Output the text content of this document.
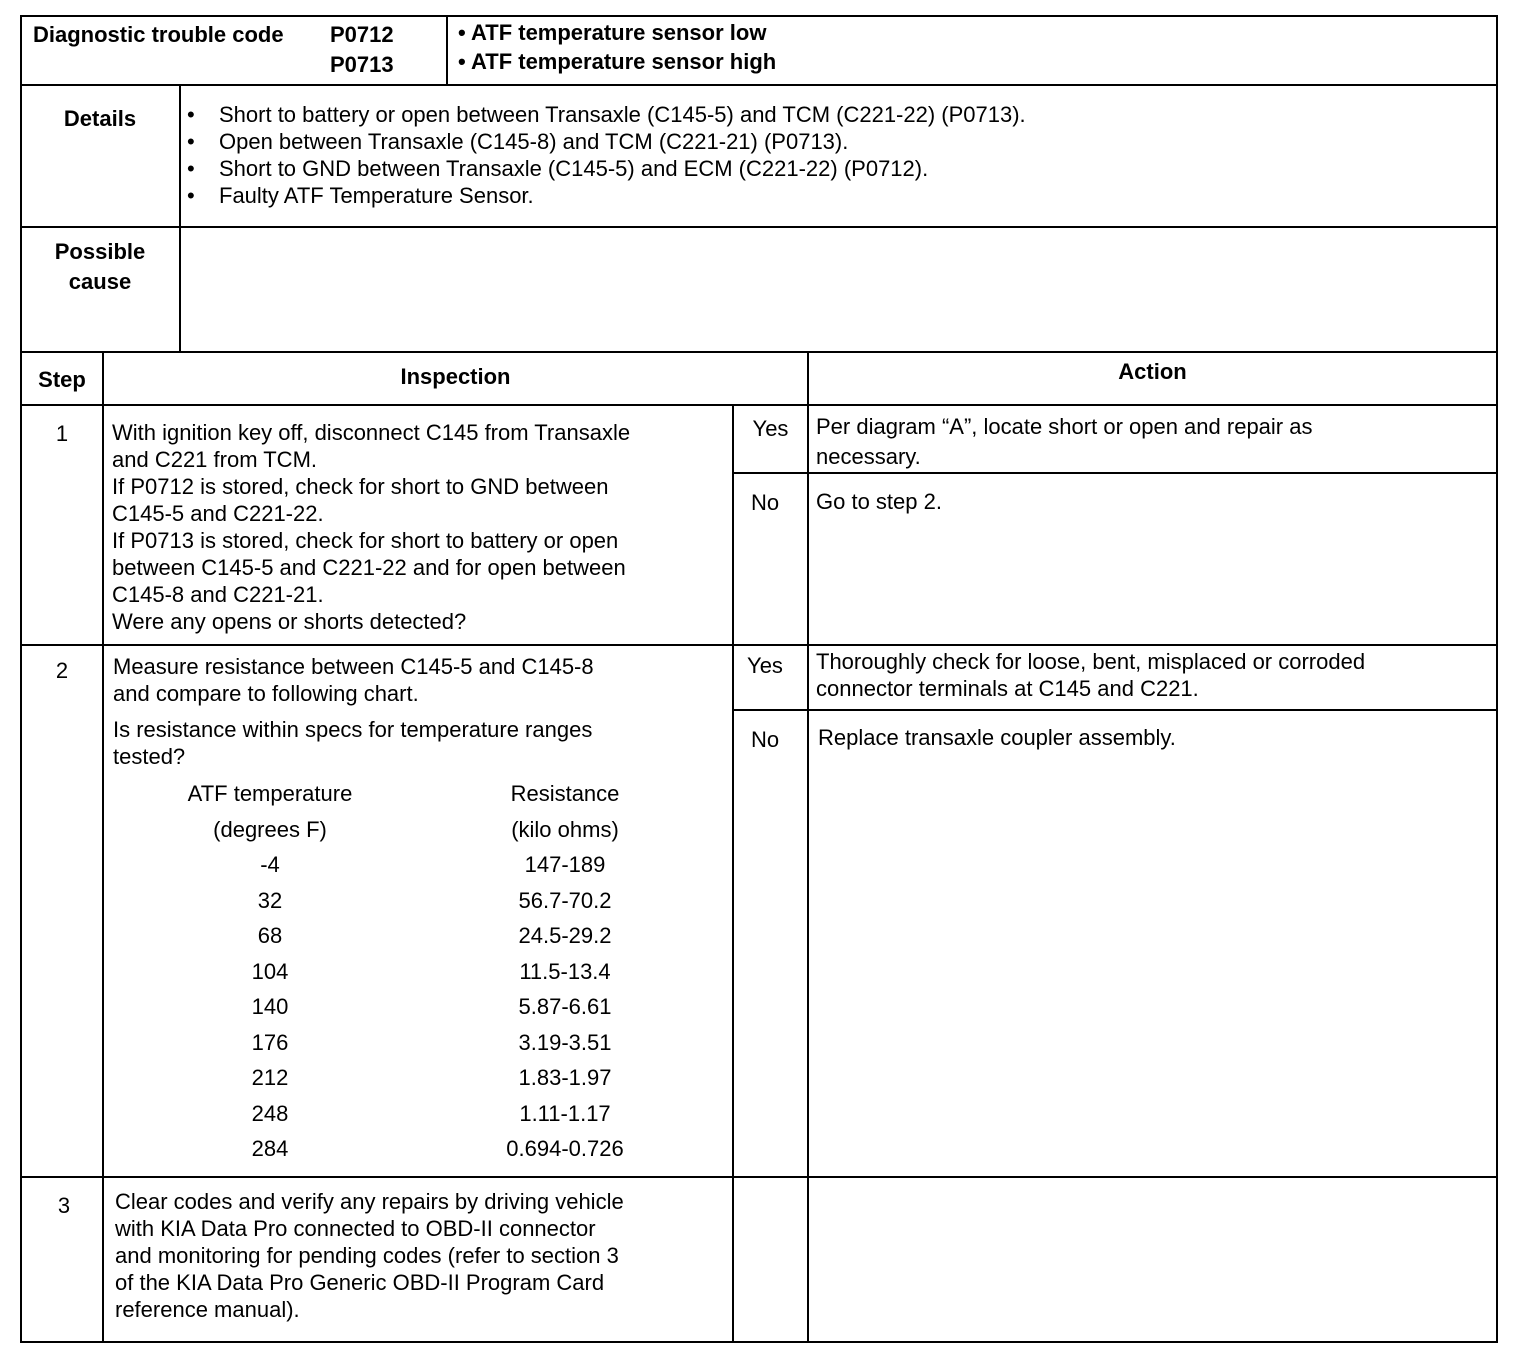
Diagnostic trouble code P0712
P0713
• ATF temperature sensor low
• ATF temperature sensor high
Details	• Short to battery or open between Transaxle (C145-5) and TCM (C221-22) (P0713).
• Open between Transaxle (C145-8) and TCM (C221-21) (P0713).
• Short to GND between Transaxle (C145-5) and ECM (C221-22) (P0712).
• Faulty ATF Temperature Sensor.
Possible
cause
Step	Inspection	Action
1	With ignition key off, disconnect C145 from Transaxle
and C221 from TCM.
If P0712 is stored, check for short to GND between
C145-5 and C221-22.
If P0713 is stored, check for short to battery or open
between C145-5 and C221-22 and for open between
C145-8 and C221-21.
Were any opens or shorts detected?
Yes	Per diagram “A”, locate short or open and repair as
necessary.
No	Go to step 2.
2	Measure resistance between C145-5 and C145-8
and compare to following chart.
Is resistance within specs for temperature ranges
tested?
ATF temperature	Resistance
(degrees F)	(kilo ohms)
-4	147-189
32	56.7-70.2
68	24.5-29.2
104	11.5-13.4
140	5.87-6.61
176	3.19-3.51
212	1.83-1.97
248	1.11-1.17
284	0.694-0.726
Yes	Thoroughly check for loose, bent, misplaced or corroded
connector terminals at C145 and C221.
No	Replace transaxle coupler assembly.
3	Clear codes and verify any repairs by driving vehicle
with KIA Data Pro connected to OBD-II connector
and monitoring for pending codes (refer to section 3
of the KIA Data Pro Generic OBD-II Program Card
reference manual).
